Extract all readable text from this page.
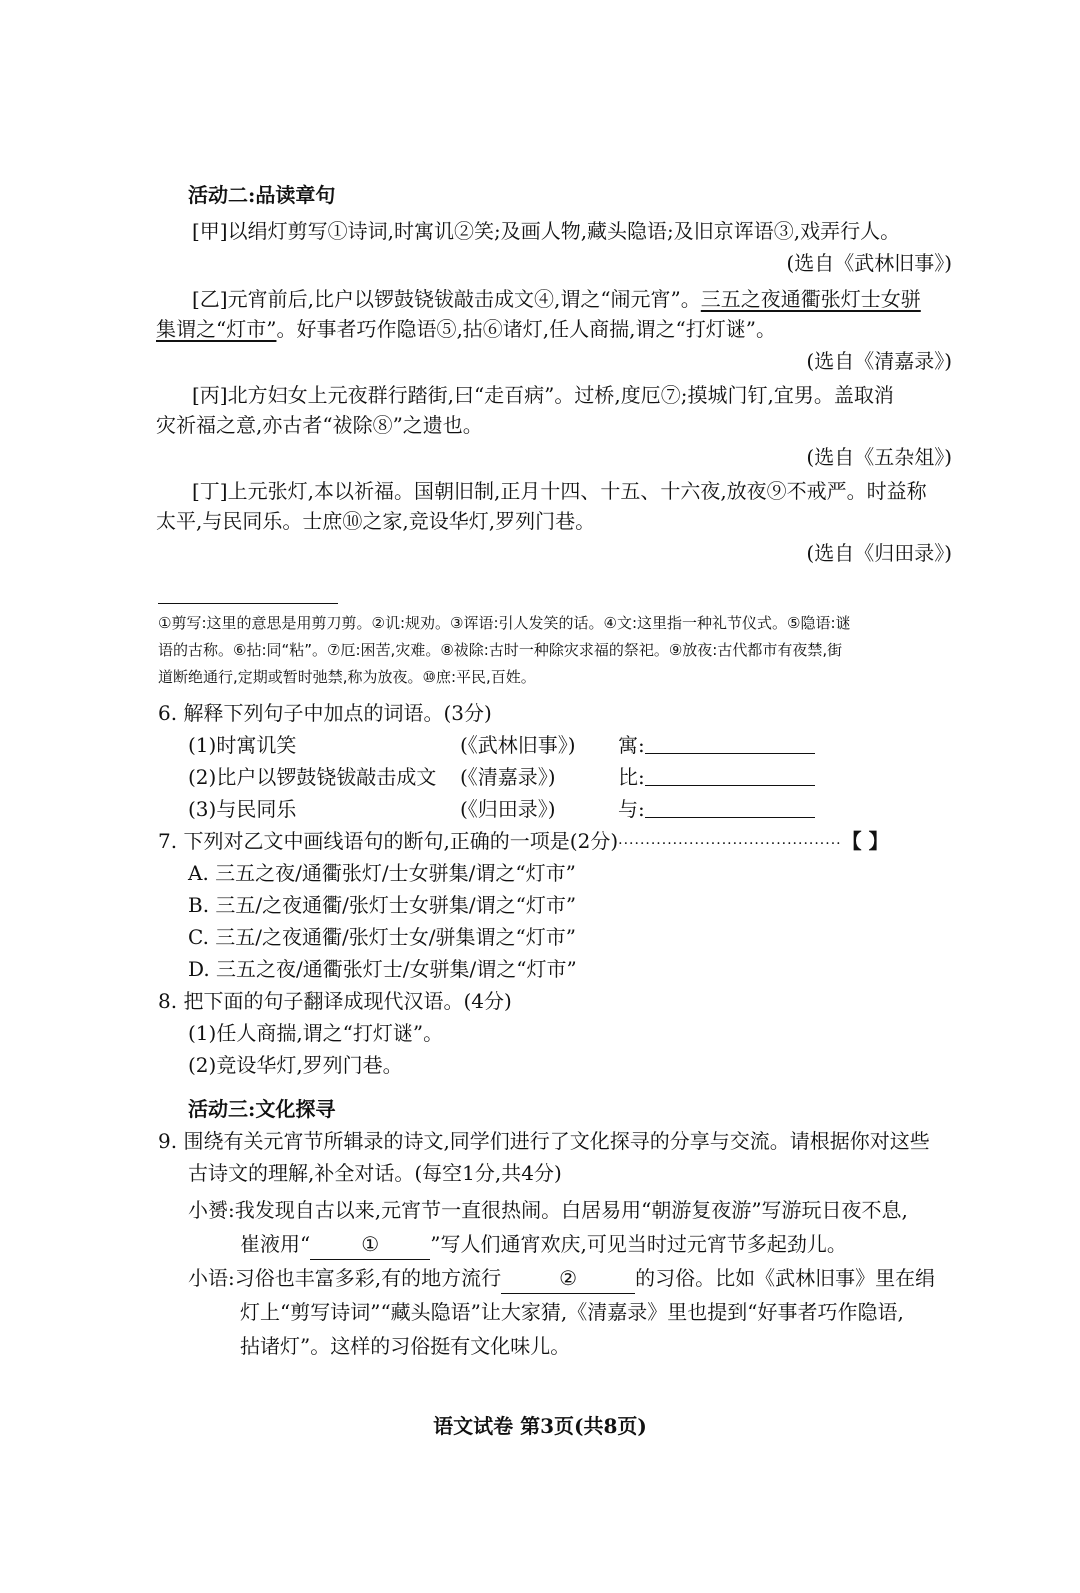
活动二:品读章句
[甲]以绢灯剪写①诗词,时寓讥②笑;及画人物,藏头隐语;及旧京诨语③,戏弄行人。
(选自《武林旧事》)
[乙]元宵前后,比户以锣鼓铙钹敲击成文④,谓之“闹元宵”。三五之夜通衢张灯士女骈
集谓之“灯市”。好事者巧作隐语⑤,拈⑥诸灯,任人商揣,谓之“打灯谜”。
(选自《清嘉录》)
[丙]北方妇女上元夜群行踏街,曰“走百病”。过桥,度厄⑦;摸城门钉,宜男。盖取消
灾祈福之意,亦古者“祓除⑧”之遗也。
(选自《五杂俎》)
[丁]上元张灯,本以祈福。国朝旧制,正月十四、十五、十六夜,放夜⑨不戒严。时益称
太平,与民同乐。士庶⑩之家,竞设华灯,罗列门巷。
(选自《归田录》)
①剪写:这里的意思是用剪刀剪。②讥:规劝。③诨语:引人发笑的话。④文:这里指一种礼节仪式。⑤隐语:谜
语的古称。⑥拈:同“粘”。⑦厄:困苦,灾难。⑧祓除:古时一种除灾求福的祭祀。⑨放夜:古代都市有夜禁,街
道断绝通行,定期或暂时弛禁,称为放夜。⑩庶:平民,百姓。
6. 解释下列句子中加点的词语。(3分)
(1)时寓讥笑	(《武林旧事》) 寓:
(2)比户以锣鼓铙钹敲击成文 (《清嘉录》)	比:
(3)与民同乐	(《归田录》)	与:
7. 下列对乙文中画线语句的断句,正确的一项是(2分)·········································【 】
A. 三五之夜/通衢张灯/士女骈集/谓之“灯市”
B. 三五/之夜通衢/张灯士女骈集/谓之“灯市”
C. 三五/之夜通衢/张灯士女/骈集谓之“灯市”
D. 三五之夜/通衢张灯士/女骈集/谓之“灯市”
8. 把下面的句子翻译成现代汉语。(4分)
(1)任人商揣,谓之“打灯谜”。
(2)竞设华灯,罗列门巷。
活动三:文化探寻
9. 围绕有关元宵节所辑录的诗文,同学们进行了文化探寻的分享与交流。请根据你对这些
古诗文的理解,补全对话。(每空1分,共4分)
小赟:我发现自古以来,元宵节一直很热闹。白居易用“朝游复夜游”写游玩日夜不息,
崔液用“	①	”写人们通宵欢庆,可见当时过元宵节多起劲儿。
小语:习俗也丰富多彩,有的地方流行	②	的习俗。比如《武林旧事》里在绢
灯上“剪写诗词”“藏头隐语”让大家猜,《清嘉录》里也提到“好事者巧作隐语,
拈诸灯”。这样的习俗挺有文化味儿。
语文试卷 第3页(共8页)
